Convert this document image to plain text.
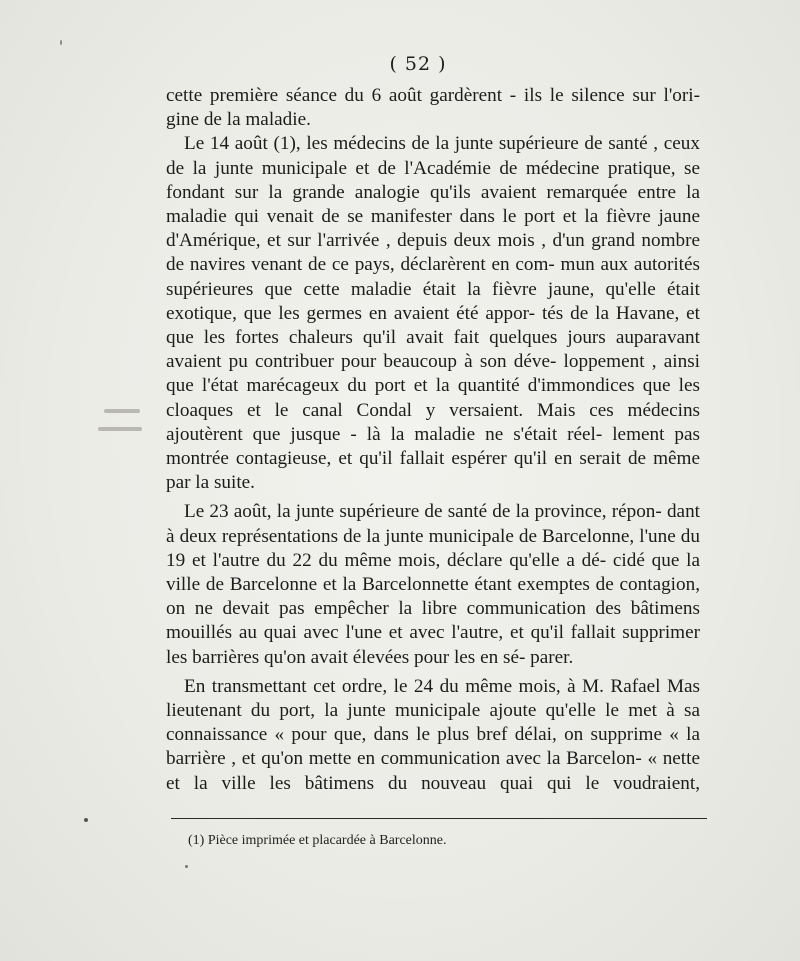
( 52 )

cette première séance du 6 août gardèrent - ils le silence sur l'ori- gine de la maladie.

Le 14 août (1), les médecins de la junte supérieure de santé , ceux de la junte municipale et de l'Académie de médecine pratique, se fondant sur la grande analogie qu'ils avaient remarquée entre la maladie qui venait de se manifester dans le port et la fièvre jaune d'Amérique, et sur l'arrivée , depuis deux mois , d'un grand nombre de navires venant de ce pays, déclarèrent en com- mun aux autorités supérieures que cette maladie était la fièvre jaune, qu'elle était exotique, que les germes en avaient été appor- tés de la Havane, et que les fortes chaleurs qu'il avait fait quelques jours auparavant avaient pu contribuer pour beaucoup à son déve- loppement , ainsi que l'état marécageux du port et la quantité d'immondices que les cloaques et le canal Condal y versaient. Mais ces médecins ajoutèrent que jusque - là la maladie ne s'était réel- lement pas montrée contagieuse, et qu'il fallait espérer qu'il en serait de même par la suite.

Le 23 août, la junte supérieure de santé de la province, répon- dant à deux représentations de la junte municipale de Barcelonne, l'une du 19 et l'autre du 22 du même mois, déclare qu'elle a dé- cidé que la ville de Barcelonne et la Barcelonnette étant exemptes de contagion, on ne devait pas empêcher la libre communication des bâtimens mouillés au quai avec l'une et avec l'autre, et qu'il fallait supprimer les barrières qu'on avait élevées pour les en sé- parer.

En transmettant cet ordre, le 24 du même mois, à M. Rafael Mas lieutenant du port, la junte municipale ajoute qu'elle le met à sa connaissance « pour que, dans le plus bref délai, on supprime « la barrière , et qu'on mette en communication avec la Barcelon- « nette et la ville les bâtimens du nouveau quai qui le voudraient,

(1) Pièce imprimée et placardée à Barcelonne.
